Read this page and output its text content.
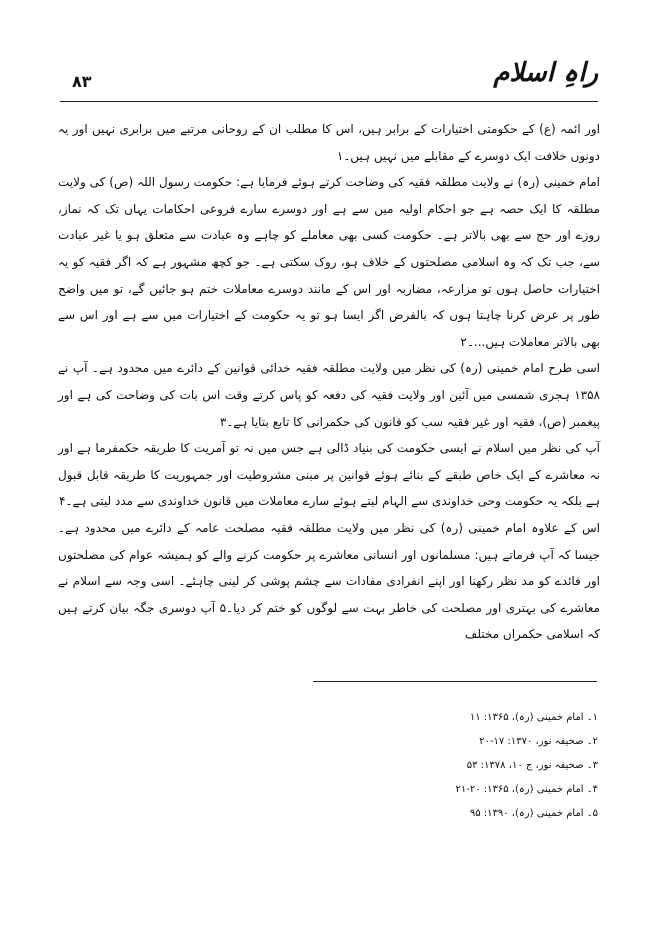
راہِ اسلام
۸۳

اور ائمہ (ع) کے حکومتی اختیارات کے برابر ہیں، اس کا مطلب ان کے روحانی مرتبے میں برابری نہیں اور یہ دونوں خلافت ایک دوسرے کے مقابلے میں نہیں ہیں۔۱

امام خمینی (رہ) نے ولایت مطلقہ فقیہ کی وضاحت کرتے ہوئے فرمایا ہے: حکومت رسول اللہ (ص) کی ولایت مطلقہ کا ایک حصہ ہے جو احکام اولیہ میں سے ہے اور دوسرے سارے فروعی احکامات یہاں تک کہ نماز، روزے اور حج سے بھی بالاتر ہے۔ حکومت کسی بھی معاملے کو چاہے وہ عبادت سے متعلق ہو یا غیر عبادت سے، جب تک کہ وہ اسلامی مصلحتوں کے خلاف ہو، روک سکتی ہے۔ جو کچھ مشہور ہے کہ اگر فقیہ کو یہ اختیارات حاصل ہوں تو مزارعہ، مضاربہ اور اس کے مانند دوسرے معاملات ختم ہو جائیں گے، تو میں واضح طور پر عرض کرنا چاہتا ہوں کہ بالفرض اگر ایسا ہو تو یہ حکومت کے اختیارات میں سے ہے اور اس سے بھی بالاتر معاملات ہیں...۔۲

اسی طرح امام خمینی (رہ) کی نظر میں ولایت مطلقہ فقیہ خدائی قوانین کے دائرے میں محدود ہے۔ آپ نے ۱۳۵۸ ہجری شمسی میں آئین اور ولایت فقیہ کی دفعہ کو پاس کرتے وقت اس بات کی وضاحت کی ہے اور پیغمبر (ص)، فقیہ اور غیر فقیہ سب کو قانون کی حکمرانی کا تابع بتایا ہے۔۳

آپ کی نظر میں اسلام نے ایسی حکومت کی بنیاد ڈالی ہے جس میں نہ تو آمریت کا طریقہ حکمفرما ہے اور نہ معاشرے کے ایک خاص طبقے کے بنائے ہوئے قوانین پر مبنی مشروطیت اور جمہوریت کا طریقہ قابل قبول ہے بلکہ یہ حکومت وحی خداوندی سے الہام لیتے ہوئے سارے معاملات میں قانون خداوندی سے مدد لیتی ہے۔۴

اس کے علاوہ امام خمینی (رہ) کی نظر میں ولایت مطلقہ فقیہ مصلحت عامہ کے دائرے میں محدود ہے۔ جیسا کہ آپ فرماتے ہیں: مسلمانوں اور انسانی معاشرے پر حکومت کرنے والے کو ہمیشہ عوام کی مصلحتوں اور فائدے کو مد نظر رکھنا اور اپنے انفرادی مفادات سے چشم پوشی کر لینی چاہئے۔ اسی وجہ سے اسلام نے معاشرے کی بہتری اور مصلحت کی خاطر بہت سے لوگوں کو ختم کر دیا۔۵ آپ دوسری جگہ بیان کرتے ہیں کہ اسلامی حکمراں مختلف

۱۔ امام خمینی (رہ)، ۱۳۶۵: ۱۱

۲۔ صحیفہ نور، ۱۳۷۰: ۱۷-۲۰

۳۔ صحیفہ نور، ج ۱۰، ۱۳۷۸: ۵۳

۴۔ امام خمینی (رہ)، ۱۳۶۵: ۲۰-۲۱

۵۔ امام خمینی (رہ)، ۱۳۹۰: ۹۵
